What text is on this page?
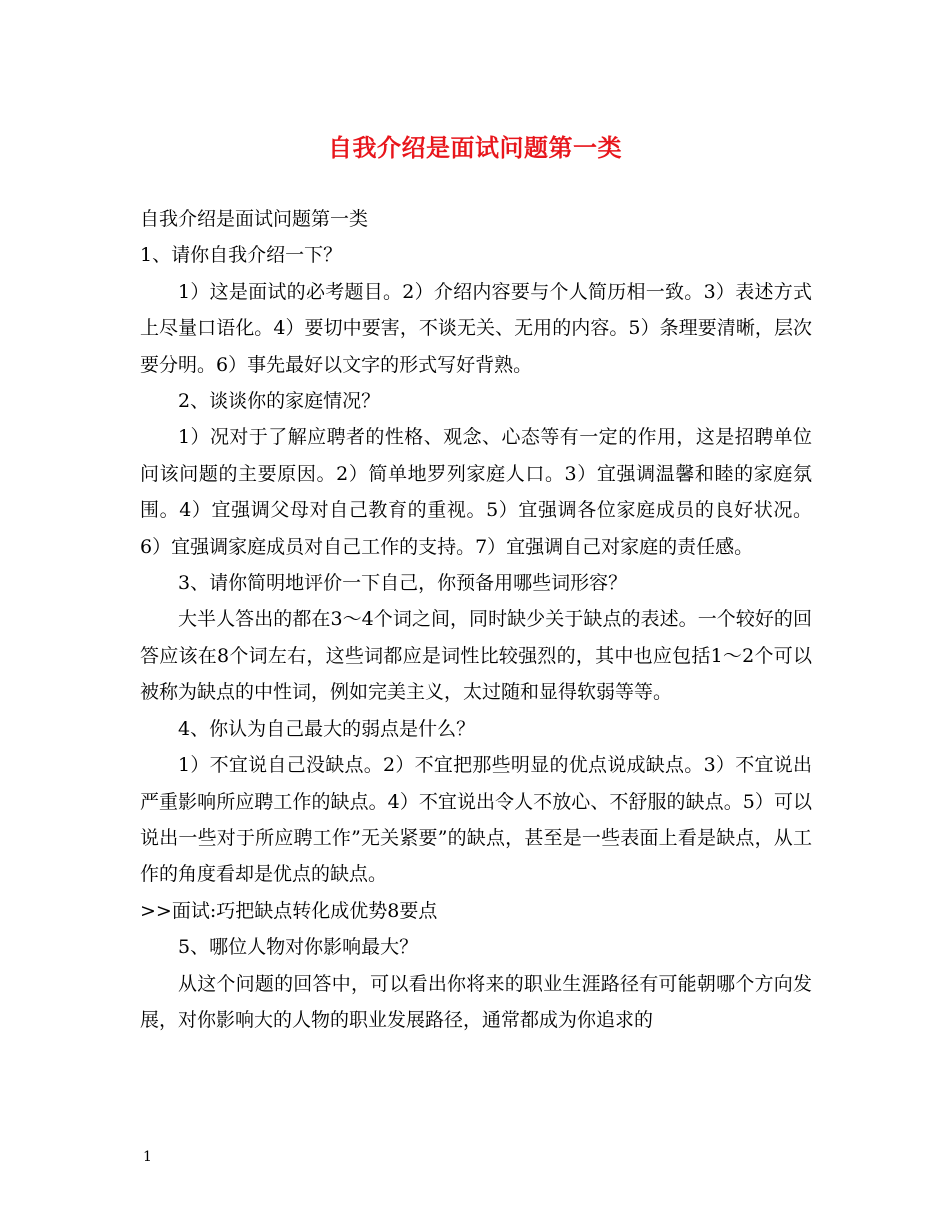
自我介绍是面试问题第一类

自我介绍是面试问题第一类

1、请你自我介绍一下？

1）这是面试的必考题目。2）介绍内容要与个人简历相一致。3）表述方式上尽量口语化。4）要切中要害，不谈无关、无用的内容。5）条理要清晰，层次要分明。6）事先最好以文字的形式写好背熟。

2、谈谈你的家庭情况？

1）况对于了解应聘者的性格、观念、心态等有一定的作用，这是招聘单位问该问题的主要原因。2）简单地罗列家庭人口。3）宜强调温馨和睦的家庭氛围。4）宜强调父母对自己教育的重视。5）宜强调各位家庭成员的良好状况。6）宜强调家庭成员对自己工作的支持。7）宜强调自己对家庭的责任感。

3、请你简明地评价一下自己，你预备用哪些词形容？

大半人答出的都在3～4个词之间，同时缺少关于缺点的表述。一个较好的回答应该在8个词左右，这些词都应是词性比较强烈的，其中也应包括1～2个可以被称为缺点的中性词，例如完美主义，太过随和显得软弱等等。

4、你认为自己最大的弱点是什么？

1）不宜说自己没缺点。2）不宜把那些明显的优点说成缺点。3）不宜说出严重影响所应聘工作的缺点。4）不宜说出令人不放心、不舒服的缺点。5）可以说出一些对于所应聘工作”无关紧要”的缺点，甚至是一些表面上看是缺点，从工作的角度看却是优点的缺点。

>>面试:巧把缺点转化成优势8要点

5、哪位人物对你影响最大？

从这个问题的回答中，可以看出你将来的职业生涯路径有可能朝哪个方向发展，对你影响大的人物的职业发展路径，通常都成为你追求的

1
